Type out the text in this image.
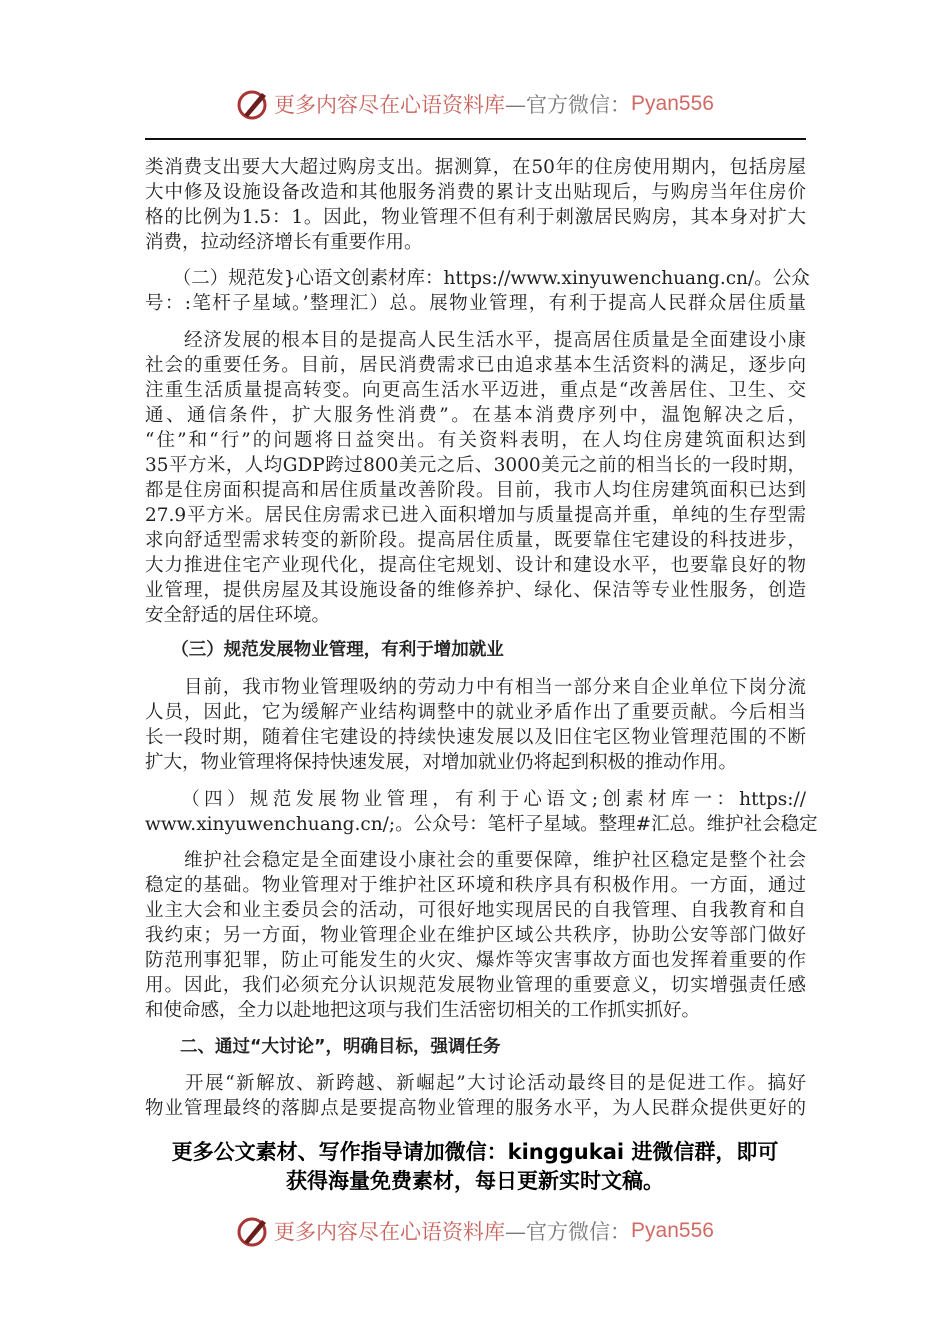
更多内容尽在心语资料库 —官方微信： Pyan556
类消费支出要大大超过购房支出。据测算，在50年的住房使用期内，包括房屋
大中修及设施设备改造和其他服务消费的累计支出贴现后，与购房当年住房价
格的比例为1.5：1。因此，物业管理不但有利于刺激居民购房，其本身对扩大
消费，拉动经济增长有重要作用。
　　（二）规范发}心语文创素材库：https://www.xinyuwenchuang.cn/。公众
号：:笔杆子星域。’整理汇）总。展物业管理，有利于提高人民群众居住质量
　　经济发展的根本目的是提高人民生活水平，提高居住质量是全面建设小康
社会的重要任务。目前，居民消费需求已由追求基本生活资料的满足，逐步向
注重生活质量提高转变。向更高生活水平迈进，重点是“改善居住、卫生、交
通、通信条件，扩大服务性消费”。在基本消费序列中，温饱解决之后，
“住”和“行”的问题将日益突出。有关资料表明，在人均住房建筑面积达到
35平方米，人均GDP跨过800美元之后、3000美元之前的相当长的一段时期，
都是住房面积提高和居住质量改善阶段。目前，我市人均住房建筑面积已达到
27.9平方米。居民住房需求已进入面积增加与质量提高并重，单纯的生存型需
求向舒适型需求转变的新阶段。提高居住质量，既要靠住宅建设的科技进步，
大力推进住宅产业现代化，提高住宅规划、设计和建设水平，也要靠良好的物
业管理，提供房屋及其设施设备的维修养护、绿化、保洁等专业性服务，创造
安全舒适的居住环境。
　　（三）规范发展物业管理，有利于增加就业
　　目前，我市物业管理吸纳的劳动力中有相当一部分来自企业单位下岗分流
人员，因此，它为缓解产业结构调整中的就业矛盾作出了重要贡献。今后相当
长一段时期，随着住宅建设的持续快速发展以及旧住宅区物业管理范围的不断
扩大，物业管理将保持快速发展，对增加就业仍将起到积极的推动作用。
　　（四）规范发展物业管理，有利于心语文;创素材库一：https://
www.xinyuwenchuang.cn/;。公众号：笔杆子星域。整理#汇总。维护社会稳定
　　维护社会稳定是全面建设小康社会的重要保障，维护社区稳定是整个社会
稳定的基础。物业管理对于维护社区环境和秩序具有积极作用。一方面，通过
业主大会和业主委员会的活动，可很好地实现居民的自我管理、自我教育和自
我约束；另一方面，物业管理企业在维护区域公共秩序，协助公安等部门做好
防范刑事犯罪，防止可能发生的火灾、爆炸等灾害事故方面也发挥着重要的作
用。因此，我们必须充分认识规范发展物业管理的重要意义，切实增强责任感
和使命感，全力以赴地把这项与我们生活密切相关的工作抓实抓好。
　　二、通过“大讨论”，明确目标，强调任务
　　开展“新解放、新跨越、新崛起”大讨论活动最终目的是促进工作。搞好
物业管理最终的落脚点是要提高物业管理的服务水平，为人民群众提供更好的
更多公文素材、写作指导请加微信：kinggukai 进微信群，即可
获得海量免费素材，每日更新实时文稿。
更多内容尽在心语资料库 —官方微信： Pyan556
